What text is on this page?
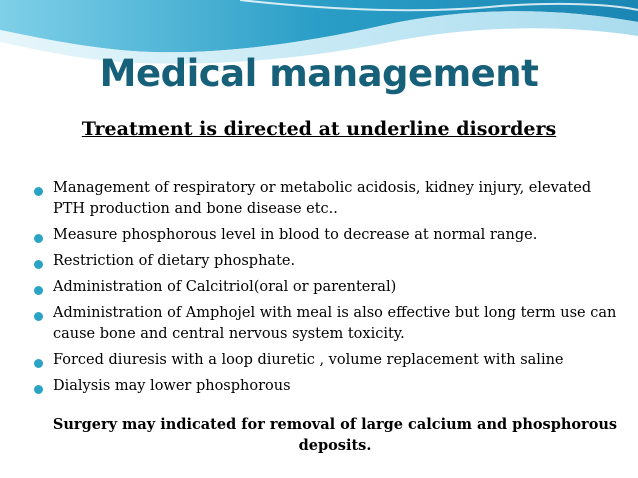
Medical management
Treatment is directed at underline disorders
Management of respiratory or metabolic acidosis, kidney injury, elevated PTH production and bone disease etc..
Measure phosphorous level in blood to decrease at normal range.
Restriction of dietary phosphate.
Administration of Calcitriol(oral or parenteral)
Administration of Amphojel with meal is also effective but long term use can cause bone and central nervous system toxicity.
Forced diuresis with a loop diuretic , volume replacement with saline
Dialysis may lower phosphorous

Surgery may indicated for removal of large calcium and phosphorous deposits.
